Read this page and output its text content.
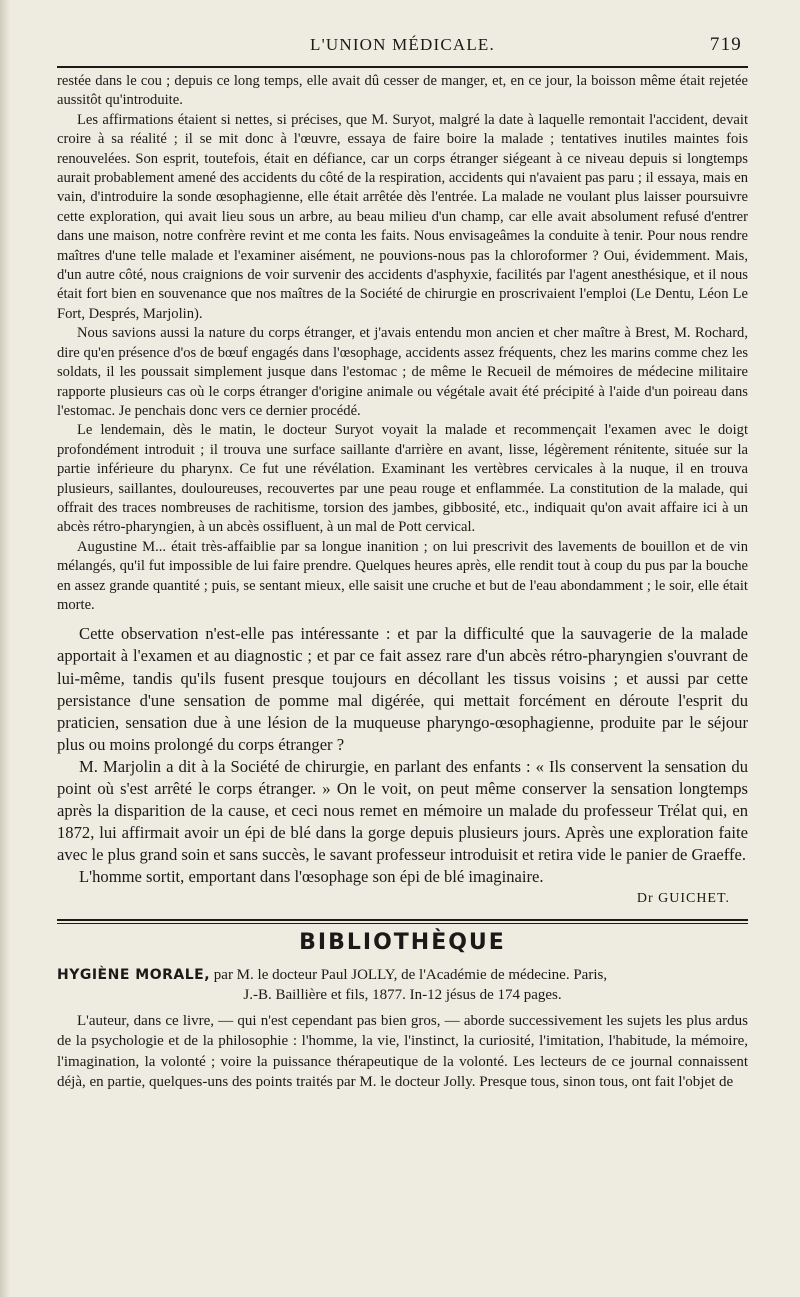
L'UNION MÉDICALE.	719

restée dans le cou ; depuis ce long temps, elle avait dû cesser de manger, et, en ce jour, la boisson même était rejetée aussitôt qu'introduite.

Les affirmations étaient si nettes, si précises, que M. Suryot, malgré la date à laquelle remontait l'accident, devait croire à sa réalité ; il se mit donc à l'œuvre, essaya de faire boire la malade ; tentatives inutiles maintes fois renouvelées. Son esprit, toutefois, était en défiance, car un corps étranger siégeant à ce niveau depuis si longtemps aurait probablement amené des accidents du côté de la respiration, accidents qui n'avaient pas paru ; il essaya, mais en vain, d'introduire la sonde œsophagienne, elle était arrêtée dès l'entrée. La malade ne voulant plus laisser poursuivre cette exploration, qui avait lieu sous un arbre, au beau milieu d'un champ, car elle avait absolument refusé d'entrer dans une maison, notre confrère revint et me conta les faits. Nous envisageâmes la conduite à tenir. Pour nous rendre maîtres d'une telle malade et l'examiner aisément, ne pouvions-nous pas la chloroformer ? Oui, évidemment. Mais, d'un autre côté, nous craignions de voir survenir des accidents d'asphyxie, facilités par l'agent anesthésique, et il nous était fort bien en souvenance que nos maîtres de la Société de chirurgie en proscrivaient l'emploi (Le Dentu, Léon Le Fort, Després, Marjolin).

Nous savions aussi la nature du corps étranger, et j'avais entendu mon ancien et cher maître à Brest, M. Rochard, dire qu'en présence d'os de bœuf engagés dans l'œsophage, accidents assez fréquents, chez les marins comme chez les soldats, il les poussait simplement jusque dans l'estomac ; de même le Recueil de mémoires de médecine militaire rapporte plusieurs cas où le corps étranger d'origine animale ou végétale avait été précipité à l'aide d'un poireau dans l'estomac. Je penchais donc vers ce dernier procédé.

Le lendemain, dès le matin, le docteur Suryot voyait la malade et recommençait l'examen avec le doigt profondément introduit ; il trouva une surface saillante d'arrière en avant, lisse, légèrement rénitente, située sur la partie inférieure du pharynx. Ce fut une révélation. Examinant les vertèbres cervicales à la nuque, il en trouva plusieurs, saillantes, douloureuses, recouvertes par une peau rouge et enflammée. La constitution de la malade, qui offrait des traces nombreuses de rachitisme, torsion des jambes, gibbosité, etc., indiquait qu'on avait affaire ici à un abcès rétro-pharyngien, à un abcès ossifluent, à un mal de Pott cervical.

Augustine M... était très-affaiblie par sa longue inanition ; on lui prescrivit des lavements de bouillon et de vin mélangés, qu'il fut impossible de lui faire prendre. Quelques heures après, elle rendit tout à coup du pus par la bouche en assez grande quantité ; puis, se sentant mieux, elle saisit une cruche et but de l'eau abondamment ; le soir, elle était morte.

Cette observation n'est-elle pas intéressante : et par la difficulté que la sauvagerie de la malade apportait à l'examen et au diagnostic ; et par ce fait assez rare d'un abcès rétro-pharyngien s'ouvrant de lui-même, tandis qu'ils fusent presque toujours en décollant les tissus voisins ; et aussi par cette persistance d'une sensation de pomme mal digérée, qui mettait forcément en déroute l'esprit du praticien, sensation due à une lésion de la muqueuse pharyngo-œsophagienne, produite par le séjour plus ou moins prolongé du corps étranger ?

M. Marjolin a dit à la Société de chirurgie, en parlant des enfants : « Ils conservent la sensation du point où s'est arrêté le corps étranger. » On le voit, on peut même conserver la sensation longtemps après la disparition de la cause, et ceci nous remet en mémoire un malade du professeur Trélat qui, en 1872, lui affirmait avoir un épi de blé dans la gorge depuis plusieurs jours. Après une exploration faite avec le plus grand soin et sans succès, le savant professeur introduisit et retira vide le panier de Graeffe.

L'homme sortit, emportant dans l'œsophage son épi de blé imaginaire.

Dr GUICHET.
BIBLIOTHÈQUE

HYGIÈNE MORALE, par M. le docteur Paul JOLLY, de l'Académie de médecine. Paris,

J.-B. Baillière et fils, 1877. In-12 jésus de 174 pages.

L'auteur, dans ce livre, — qui n'est cependant pas bien gros, — aborde successivement les sujets les plus ardus de la psychologie et de la philosophie : l'homme, la vie, l'instinct, la curiosité, l'imitation, l'habitude, la mémoire, l'imagination, la volonté ; voire la puissance thérapeutique de la volonté. Les lecteurs de ce journal connaissent déjà, en partie, quelques-uns des points traités par M. le docteur Jolly. Presque tous, sinon tous, ont fait l'objet de
